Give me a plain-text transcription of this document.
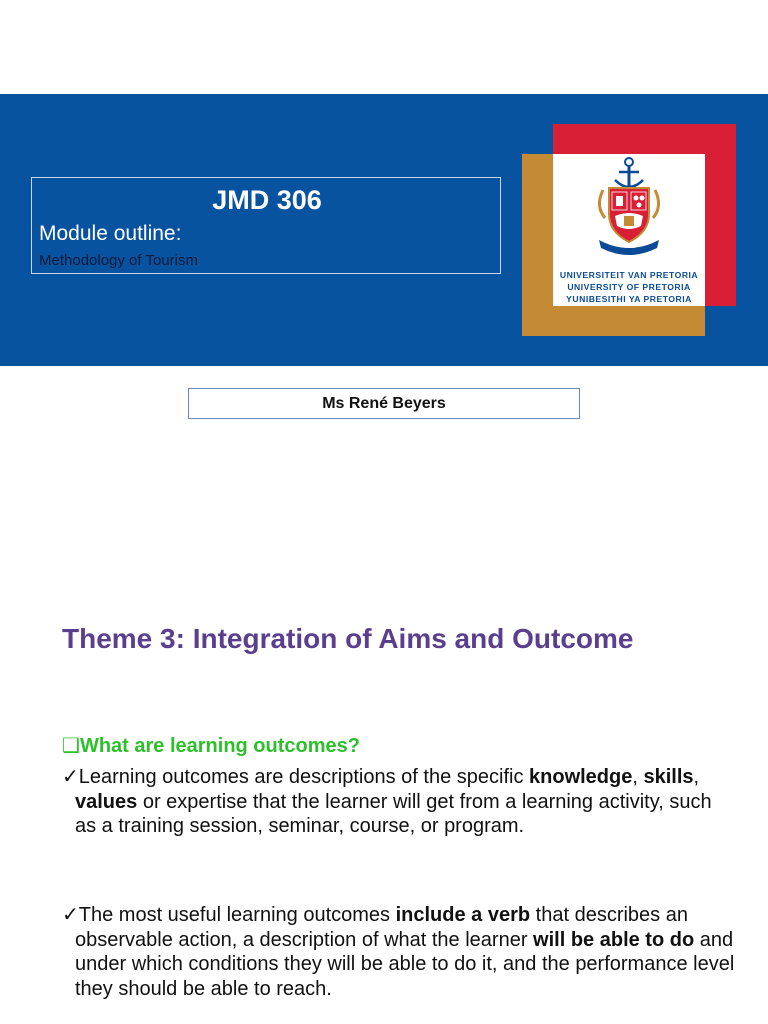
JMD 306
Module outline:
Methodology of Tourism
UNIVERSITEIT VAN PRETORIA
UNIVERSITY OF PRETORIA
YUNIBESITHI YA PRETORIA
Ms René Beyers
Theme 3: Integration of Aims and Outcome
❑What are learning outcomes?
✓Learning outcomes are descriptions of the specific knowledge, skills, values or expertise that the learner will get from a learning activity, such as a training session, seminar, course, or program.
✓The most useful learning outcomes include a verb that describes an observable action, a description of what the learner will be able to do and under which conditions they will be able to do it, and the performance level they should be able to reach.
